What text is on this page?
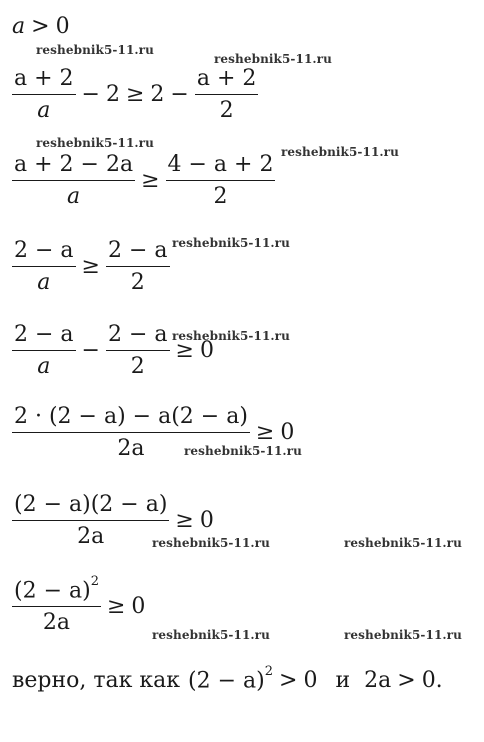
reshebnik5-11.ru
reshebnik5-11.ru
reshebnik5-11.ru
reshebnik5-11.ru
reshebnik5-11.ru
reshebnik5-11.ru
reshebnik5-11.ru
reshebnik5-11.ru	reshebnik5-11.ru
reshebnik5-11.ru	reshebnik5-11.ru
a > 0
$\frac{a + 2}{a} - 2 \ge 2 - \frac{a + 2}{2}$
$\frac{a + 2 - 2a}{a} \ge \frac{4 - a + 2}{2}$
$\frac{2 - a}{a} \ge \frac{2 - a}{2}$
$\frac{2 - a}{a} - \frac{2 - a}{2} \ge 0$
$\frac{2 \cdot (2 - a) - a(2 - a)}{2a} \ge 0$
$\frac{(2 - a)(2 - a)}{2a} \ge 0$
$\frac{(2 - a)^2}{2a} \ge 0$
верно, так как $(2 - a)^2 > 0$ и 2a > 0.
